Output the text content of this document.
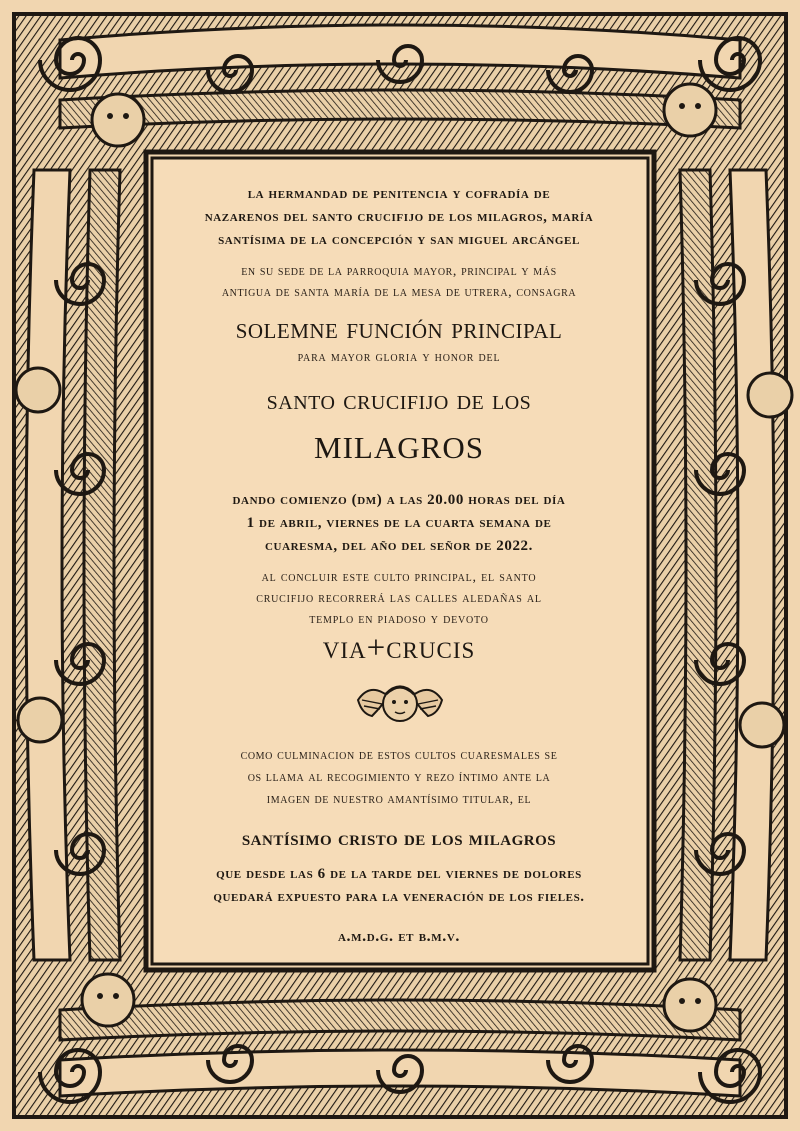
la hermandad de penitencia y cofradía de
nazarenos del santo crucifijo de los milagros, maría
santísima de la concepción y san miguel arcángel
en su sede de la parroquia mayor, principal y más
antigua de santa maría de la mesa de utrera, consagra
solemne función principal
para mayor gloria y honor del
santo crucifijo de los
milagros
dando comienzo (dm) a las 20.00 horas del día
1 de abril, viernes de la cuarta semana de
cuaresma, del año del señor de 2022.
al concluir este culto principal, el santo
crucifijo recorrerá las calles aledañas al
templo en piadoso y devoto
via+crucis
como culminacion de estos cultos cuaresmales se
os llama al recogimiento y rezo íntimo ante la
imagen de nuestro amantísimo titular, el
santísimo cristo de los milagros
que desde las 6 de la tarde del viernes de dolores
quedará expuesto para la veneración de los fieles.
a.m.d.g. et b.m.v.
